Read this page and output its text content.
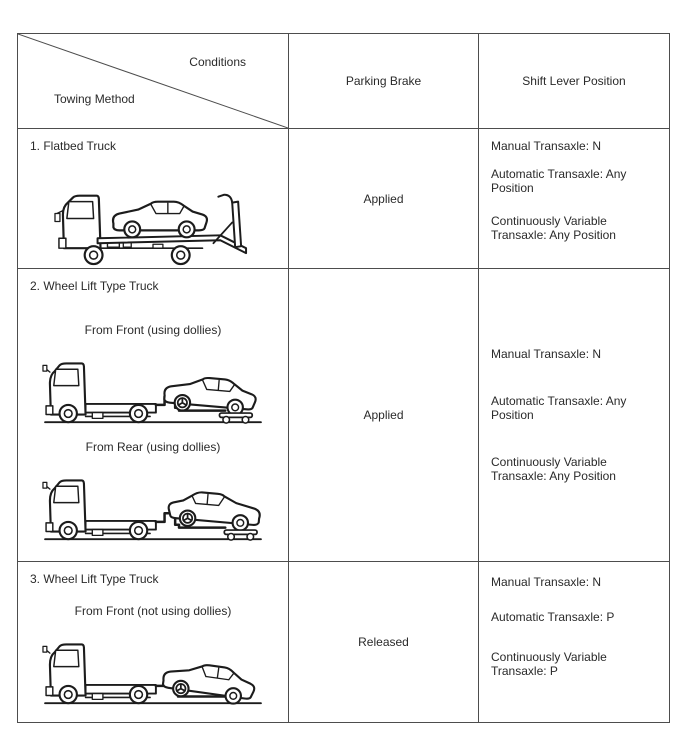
Conditions
Towing Method
Parking Brake	Shift Lever Position
1. Flatbed Truck
Applied
Manual Transaxle: N
Automatic Transaxle: Any Position
Continuously Variable Transaxle: Any Position
2. Wheel Lift Type Truck
From Front (using dollies)
From Rear (using dollies)
Applied
Manual Transaxle: N
Automatic Transaxle: Any Position
Continuously Variable Transaxle: Any Position
3. Wheel Lift Type Truck
From Front (not using dollies)
Released
Manual Transaxle: N
Automatic Transaxle: P
Continuously Variable Transaxle: P
